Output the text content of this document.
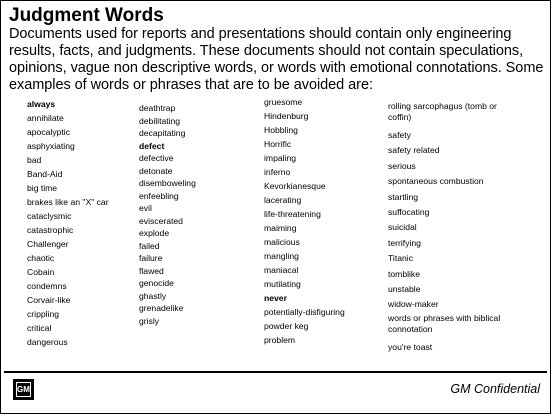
Judgment Words
Documents used for reports and presentations should contain only engineering results, facts, and judgments. These documents should not contain speculations, opinions, vague non descriptive words, or words with emotional connotations. Some examples of words or phrases that are to be avoided are:
always
annihilate
apocalyptic
asphyxiating
bad
Band-Aid
big time
brakes like an "X" car
cataclysmic
catastrophic
Challenger
chaotic
Cobain
condemns
Corvair-like
crippling
critical
dangerous
deathtrap
debilitating
decapitating
defect
defective
detonate
disemboweling
enfeebling
evil
eviscerated
explode
failed
failure
flawed
genocide
ghastly
grenadelike
grisly
gruesome
Hindenburg
Hobbling
Horrific
impaling
inferno
Kevorkianesque
lacerating
life-threatening
maiming
malicious
mangling
maniacal
mutilating
never
potentially-disfiguring
powder keg
problem
rolling sarcophagus (tomb or coffin)
safety
safety related
serious
spontaneous combustion
startling
suffocating
suicidal
terrifying
Titanic
tomblike
unstable
widow-maker
words or phrases with biblical connotation
you're toast
GM	GM Confidential
